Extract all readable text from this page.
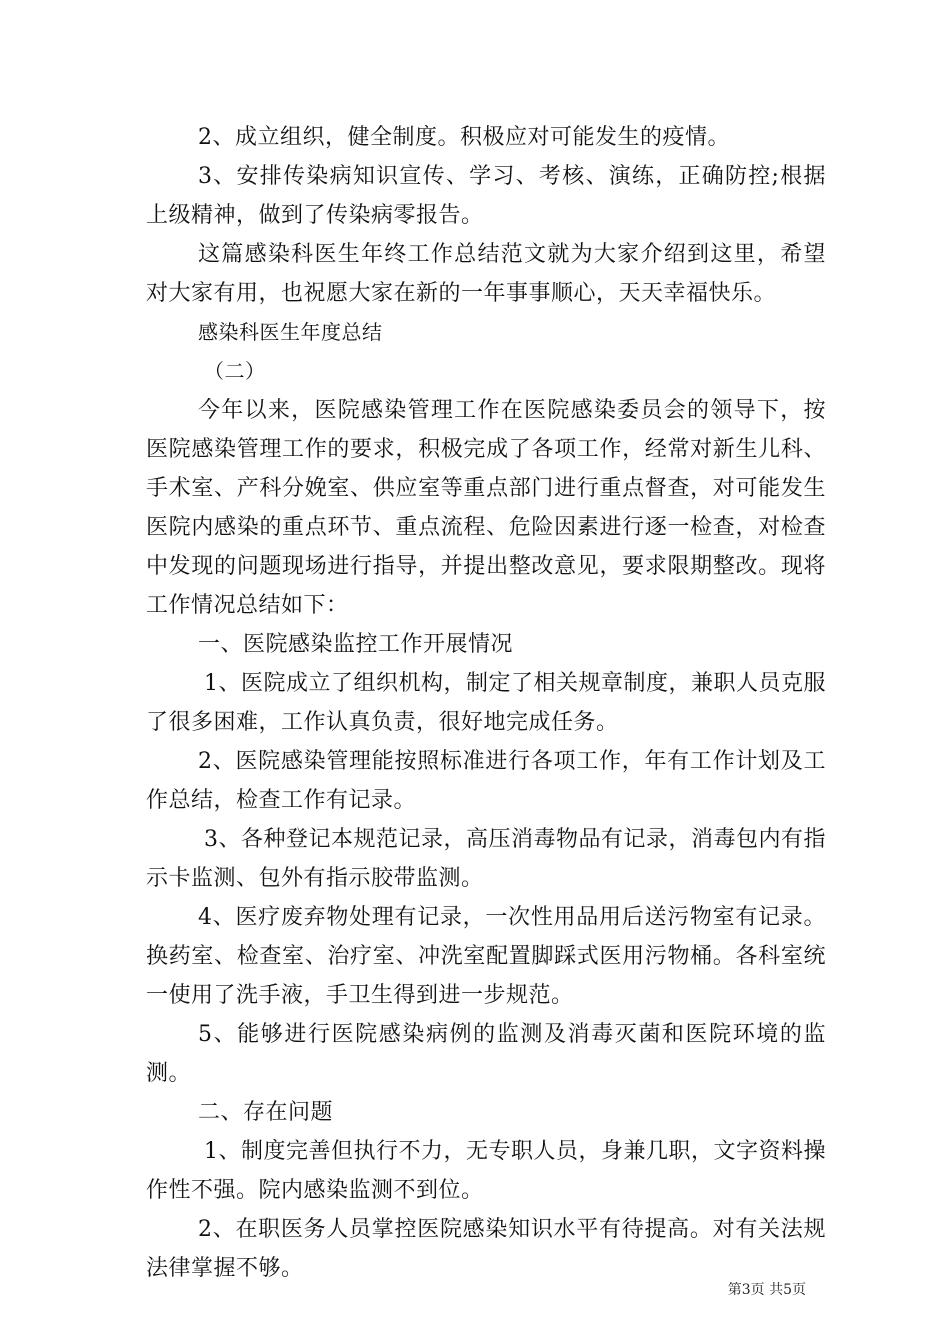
2、成立组织，健全制度。积极应对可能发生的疫情。

3、安排传染病知识宣传、学习、考核、演练，正确防控;根据上级精神，做到了传染病零报告。

这篇感染科医生年终工作总结范文就为大家介绍到这里，希望对大家有用，也祝愿大家在新的一年事事顺心，天天幸福快乐。

感染科医生年度总结

（二）

今年以来，医院感染管理工作在医院感染委员会的领导下，按医院感染管理工作的要求，积极完成了各项工作，经常对新生儿科、手术室、产科分娩室、供应室等重点部门进行重点督查，对可能发生医院内感染的重点环节、重点流程、危险因素进行逐一检查，对检查中发现的问题现场进行指导，并提出整改意见，要求限期整改。现将工作情况总结如下：

一、医院感染监控工作开展情况

1、医院成立了组织机构，制定了相关规章制度，兼职人员克服了很多困难，工作认真负责，很好地完成任务。

2、医院感染管理能按照标准进行各项工作，年有工作计划及工作总结，检查工作有记录。

3、各种登记本规范记录，高压消毒物品有记录，消毒包内有指示卡监测、包外有指示胶带监测。

4、医疗废弃物处理有记录，一次性用品用后送污物室有记录。换药室、检查室、治疗室、冲洗室配置脚踩式医用污物桶。各科室统一使用了洗手液，手卫生得到进一步规范。

5、能够进行医院感染病例的监测及消毒灭菌和医院环境的监测。

二、存在问题

1、制度完善但执行不力，无专职人员，身兼几职，文字资料操作性不强。院内感染监测不到位。

2、在职医务人员掌控医院感染知识水平有待提高。对有关法规法律掌握不够。

第3页 共5页
